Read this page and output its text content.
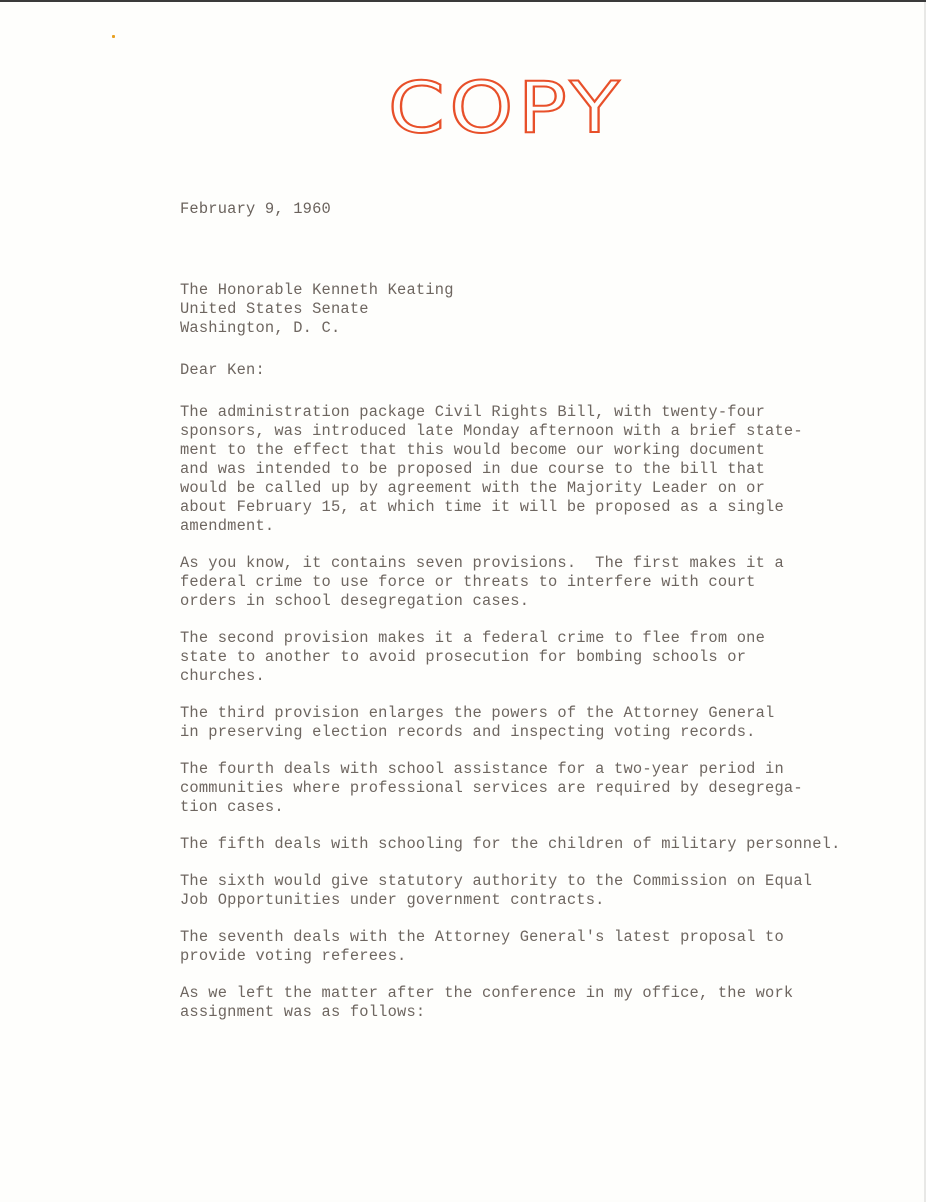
COPY
February 9, 1960
The Honorable Kenneth Keating
United States Senate
Washington, D. C.
Dear Ken:
The administration package Civil Rights Bill, with twenty-four
sponsors, was introduced late Monday afternoon with a brief state-
ment to the effect that this would become our working document
and was intended to be proposed in due course to the bill that
would be called up by agreement with the Majority Leader on or
about February 15, at which time it will be proposed as a single
amendment.
As you know, it contains seven provisions.  The first makes it a
federal crime to use force or threats to interfere with court
orders in school desegregation cases.
The second provision makes it a federal crime to flee from one
state to another to avoid prosecution for bombing schools or
churches.
The third provision enlarges the powers of the Attorney General
in preserving election records and inspecting voting records.
The fourth deals with school assistance for a two-year period in
communities where professional services are required by desegrega-
tion cases.
The fifth deals with schooling for the children of military personnel.
The sixth would give statutory authority to the Commission on Equal
Job Opportunities under government contracts.
The seventh deals with the Attorney General's latest proposal to
provide voting referees.
As we left the matter after the conference in my office, the work
assignment was as follows:
